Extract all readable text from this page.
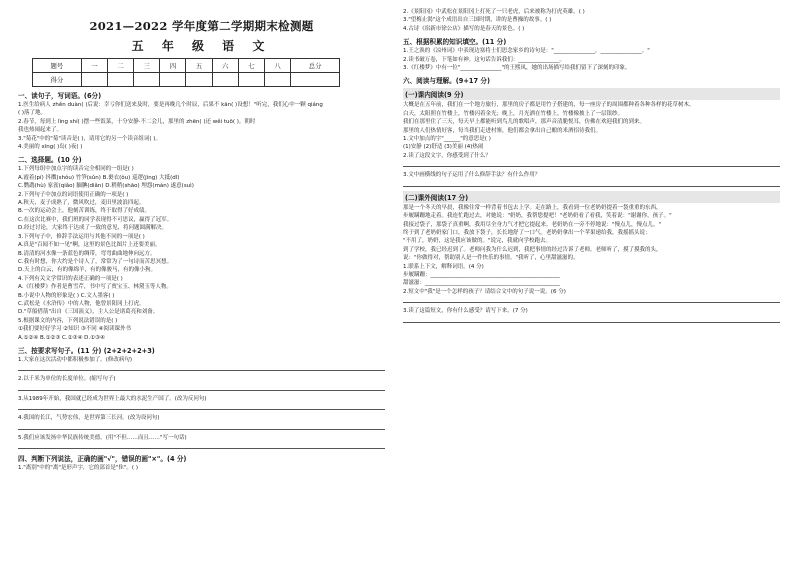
2021—2022 学年度第二学期期末检测题
五 年 级 语 文
题号	一	二	三	四	五	六	七	八	总分
得分									
一、读句子，写词语。(6分)
1.医生给病人 zhěn duàn( )后说：幸亏你们送来及时，要是再晚几个时辰，后果不 kān( )设想！"听完，我们心中一颗 qiáng
( )落了地。
2.春节，每到上 lìng shí( )摆一些饭菜，十分安静·不二会儿，那里的 zhēn( )还 wěi tuō( )。朝时
我也热闹起来了。
3."菊花"中的"菊"读音是( )，请用它的另一个读音组词( )。
4.美丽的 xīng( )岛( )夜( )
二、选择题。(10 分)
1.下列每组中加点字的读音完全相同的一组是( )
A.霞着(pí) 抖擞(shǒu) 竹笋(sǔn) B.裹衣(ǒu) 巡逻(jìng) 大抵(dǐ)
C.鹦鹉(hù) 家雀(qiǎo) 腼腆(diǎn) D.稍稍(shāo) 埋怨(mán) 遂意(suì)
2.下列句子中加点的词语使用正确的一项是( )
A.秋天，麦子成熟了，微风吹过，麦田里波浪四起。
B.一次的运动会上，他刻苦训练，终于取得了好成绩。
C.在这次比赛中，我们班的同学表现得不可思议，赢得了冠军。
D.经过讨论，大家终于达成了一致的意见，将问题圆满解决。
3.下列句子中，修辞手法运用与其他不同的一项是( )
A.真是"百闻不如一见"啊，这里的景色比图片上还要美丽。
B.清清的河水像一条蓝色的绸带，弯弯曲曲地伸向远方。
C.我有时想，你大约是个诗人了，常常为了一句诗而苦思冥想。
D.天上的白云，有的像绵羊，有的像骏马，有的像小狗。
4.下列有关文学常识的表述正确的一项是( )
A.《红楼梦》作者是曹雪芹，书中写了贾宝玉、林黛玉等人物。
B.小说中人物的形象是( ) C.文人墨客( )
C.武松是《水浒传》中的人物，他曾景阳冈上打虎。
D."草船借箭"出自《三国演义》，主人公是诸葛亮和刘备。
5.根据课文的内容，下列说法错误的是( )
①我们要好好学习 ②知识 ③不同 ④阅读课外书
A.①②④ B.①②③ C.②③④ D.①③④
三、按要求写句子。(11 分) (2+2+2+2+3)
1.大家在这次活动中都积极参加了。(修改病句)
2.以千米为单位的长度单位。(缩写句子)
3.从1989年开始，我国就已经成为世界上最大的水泥生产国了。(改为反问句)
4.我国的长江，气势宏伟，是世界第三长河。(改为设问句)
5.我们应该发扬中华民族传统美德。(用"不但……而且……"写一句话)
四、判断下列说法，正确的画"√"，错误的画"×"。(4 分)
1."离别"中的"离"是形声字，它的部首是"隹"。( )
2.《景阳冈》中武松在景阳冈上打死了一只老虎，后来被称为打虎英雄。( )
3."望梅止渴"这个成语出自三国时期，讲的是曹操的故事。( )
4.古诗《宿新市徐公店》描写的是春天的景色。( )
五、根据积累的知识填空。(11 分)
1.王之涣的《凉州词》中表现边塞将士们思念家乡的诗句是："_______________，_______________。"
2.读书破万卷，下笔如有神。这句话告诉我们：_______________。
3.《红楼梦》中有一位"_______________"的王熙凤，她的出场描写给我们留下了深刻的印象。
六、阅读与理解。(9+17 分)
(一)课内阅读(9 分)
大概是在五年前，我们在一个地方旅行，那里的房子都是用竹子搭建的，每一座房子的周围都种着各种各样的花草树木。
白天，太阳照在竹楼上，竹楼闪着金光；晚上，月光洒在竹楼上，竹楼像披上了一层银纱。
我们在那里住了三天，每天早上都能听到鸟儿的歌唱声，那声音清脆悦耳，仿佛在欢迎我们的到来。
那里的人们热情好客，每当我们走进村寨，他们都会拿出自己酿的米酒招待我们。
1.文中加点的字"______"的意思是( )
(1)安静 (2)舒适 (3)美丽 (4)热闹
2.读了这段文字，你感受到了什么？
3.文中画横线的句子运用了什么修辞手法？有什么作用？
(二)课外阅读(17 分)
那是一个冬天的早晨，我像往常一样背着书包去上学。走在路上，我看到一位老奶奶提着一袋重重的东西，
步履蹒跚地走着。我连忙跑过去，对她说："奶奶，我帮您提吧！"老奶奶看了看我，笑着说："谢谢你，孩子。"
我接过袋子，那袋子真重啊，我用尽全身力气才把它提起来。老奶奶在一旁不停地说："慢点儿，慢点儿。"
终于到了老奶奶家门口，我放下袋子，长长地舒了一口气。老奶奶拿出一个苹果递给我，我摇摇头说：
"不用了，奶奶，这是我应该做的。"说完，我就向学校跑去。
到了学校，我已经迟到了。老师问我为什么迟到，我把事情的经过告诉了老师。老师听了，摸了摸我的头，
说："你做得对，帮助别人是一件快乐的事情。"我听了，心里甜滋滋的。
1.联系上下文，解释词语。(4 分)
步履蹒跚：_______________________________________________
甜滋滋：_________________________________________________
2.短文中"我"是一个怎样的孩子？请结合文中的句子说一说。(6 分)
3.读了这篇短文，你有什么感受？请写下来。(7 分)
